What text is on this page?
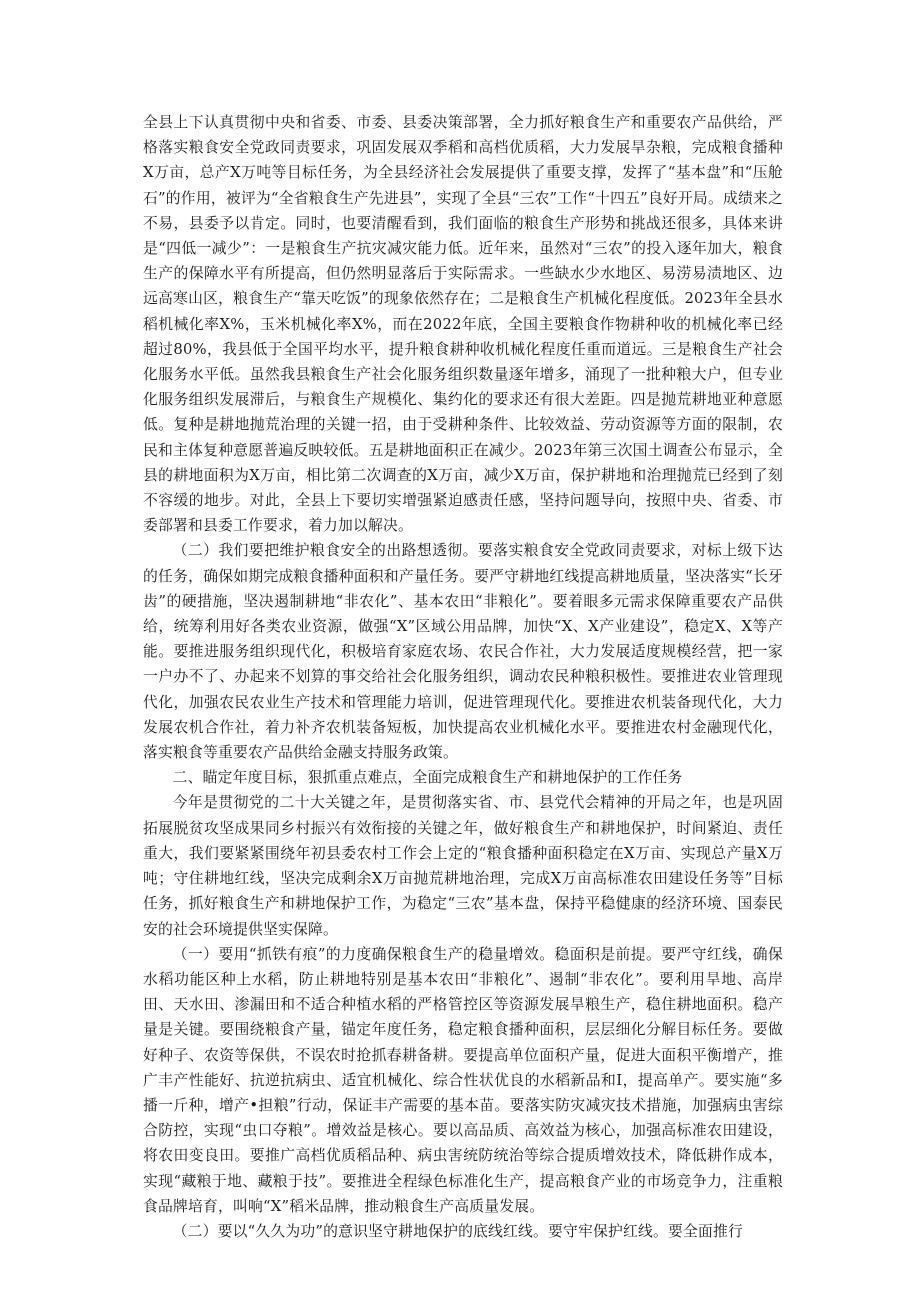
全县上下认真贯彻中央和省委、市委、县委决策部署，全力抓好粮食生产和重要农产品供给，严格落实粮食安全党政同责要求，巩固发展双季稻和高档优质稻，大力发展旱杂粮，完成粮食播种X万亩，总产X万吨等目标任务，为全县经济社会发展提供了重要支撑，发挥了“基本盘”和“压舱石”的作用，被评为“全省粮食生产先进县”，实现了全县“三农”工作“十四五”良好开局。成绩来之不易，县委予以肯定。同时，也要清醒看到，我们面临的粮食生产形势和挑战还很多，具体来讲是“四低一减少”：一是粮食生产抗灾减灾能力低。近年来，虽然对“三农”的投入逐年加大，粮食生产的保障水平有所提高，但仍然明显落后于实际需求。一些缺水少水地区、易涝易渍地区、边远高寒山区，粮食生产“靠天吃饭”的现象依然存在；二是粮食生产机械化程度低。2023年全县水稻机械化率X%，玉米机械化率X%，而在2022年底，全国主要粮食作物耕种收的机械化率已经超过80%，我县低于全国平均水平，提升粮食耕种收机械化程度任重而道远。三是粮食生产社会化服务水平低。虽然我县粮食生产社会化服务组织数量逐年增多，涌现了一批种粮大户，但专业化服务组织发展滞后，与粮食生产规模化、集约化的要求还有很大差距。四是抛荒耕地亚种意愿低。复种是耕地抛荒治理的关键一招，由于受耕种条件、比较效益、劳动资源等方面的限制，农民和主体复种意愿普遍反映较低。五是耕地面积正在减少。2023年第三次国土调查公布显示，全县的耕地面积为X万亩，相比第二次调查的X万亩，减少X万亩，保护耕地和治理抛荒已经到了刻不容缓的地步。对此，全县上下要切实增强紧迫感责任感，坚持问题导向，按照中央、省委、市委部署和县委工作要求，着力加以解决。

（二）我们要把维护粮食安全的出路想透彻。要落实粮食安全党政同责要求，对标上级下达的任务，确保如期完成粮食播种面积和产量任务。要严守耕地红线提高耕地质量，坚决落实“长牙齿”的硬措施，坚决遏制耕地“非农化”、基本农田“非粮化”。要着眼多元需求保障重要农产品供给，统筹利用好各类农业资源，做强“X”区域公用品牌，加快“X、X产业建设”，稳定X、X等产能。要推进服务组织现代化，积极培育家庭农场、农民合作社，大力发展适度规模经营，把一家一户办不了、办起来不划算的事交给社会化服务组织，调动农民种粮积极性。要推进农业管理现代化，加强农民农业生产技术和管理能力培训，促进管理现代化。要推进农机装备现代化，大力发展农机合作社，着力补齐农机装备短板，加快提高农业机械化水平。要推进农村金融现代化，落实粮食等重要农产品供给金融支持服务政策。

二、瞄定年度目标，狠抓重点难点，全面完成粮食生产和耕地保护的工作任务

今年是贯彻党的二十大关键之年，是贯彻落实省、市、县党代会精神的开局之年，也是巩固拓展脱贫攻坚成果同乡村振兴有效衔接的关键之年，做好粮食生产和耕地保护，时间紧迫、责任重大，我们要紧紧围绕年初县委农村工作会上定的“粮食播种面积稳定在X万亩、实现总产量X万吨；守住耕地红线，坚决完成剩余X万亩抛荒耕地治理，完成X万亩高标准农田建设任务等”目标任务，抓好粮食生产和耕地保护工作，为稳定“三农”基本盘，保持平稳健康的经济环境、国泰民安的社会环境提供坚实保障。

（一）要用“抓铁有痕”的力度确保粮食生产的稳量增效。稳面积是前提。要严守红线，确保水稻功能区种上水稻，防止耕地特别是基本农田“非粮化”、遏制“非农化”。要利用旱地、高岸田、天水田、渗漏田和不适合种植水稻的严格管控区等资源发展旱粮生产，稳住耕地面积。稳产量是关键。要围绕粮食产量，锚定年度任务，稳定粮食播种面积，层层细化分解目标任务。要做好种子、农资等保供，不误农时抢抓春耕备耕。要提高单位面积产量，促进大面积平衡增产，推广丰产性能好、抗逆抗病虫、适宜机械化、综合性状优良的水稻新品和I，提高单产。要实施“多播一斤种，增产•担粮”行动，保证丰产需要的基本苗。要落实防灾减灾技术措施，加强病虫害综合防控，实现“虫口夺粮”。增效益是核心。要以高品质、高效益为核心，加强高标准农田建设，将农田变良田。要推广高档优质稻品种、病虫害统防统治等综合提质增效技术，降低耕作成本，实现“藏粮于地、藏粮于技”。要推进全程绿色标准化生产，提高粮食产业的市场竞争力，注重粮食品牌培育，叫响“X”稻米品牌，推动粮食生产高质量发展。

（二）要以“久久为功”的意识坚守耕地保护的底线红线。要守牢保护红线。要全面推行
